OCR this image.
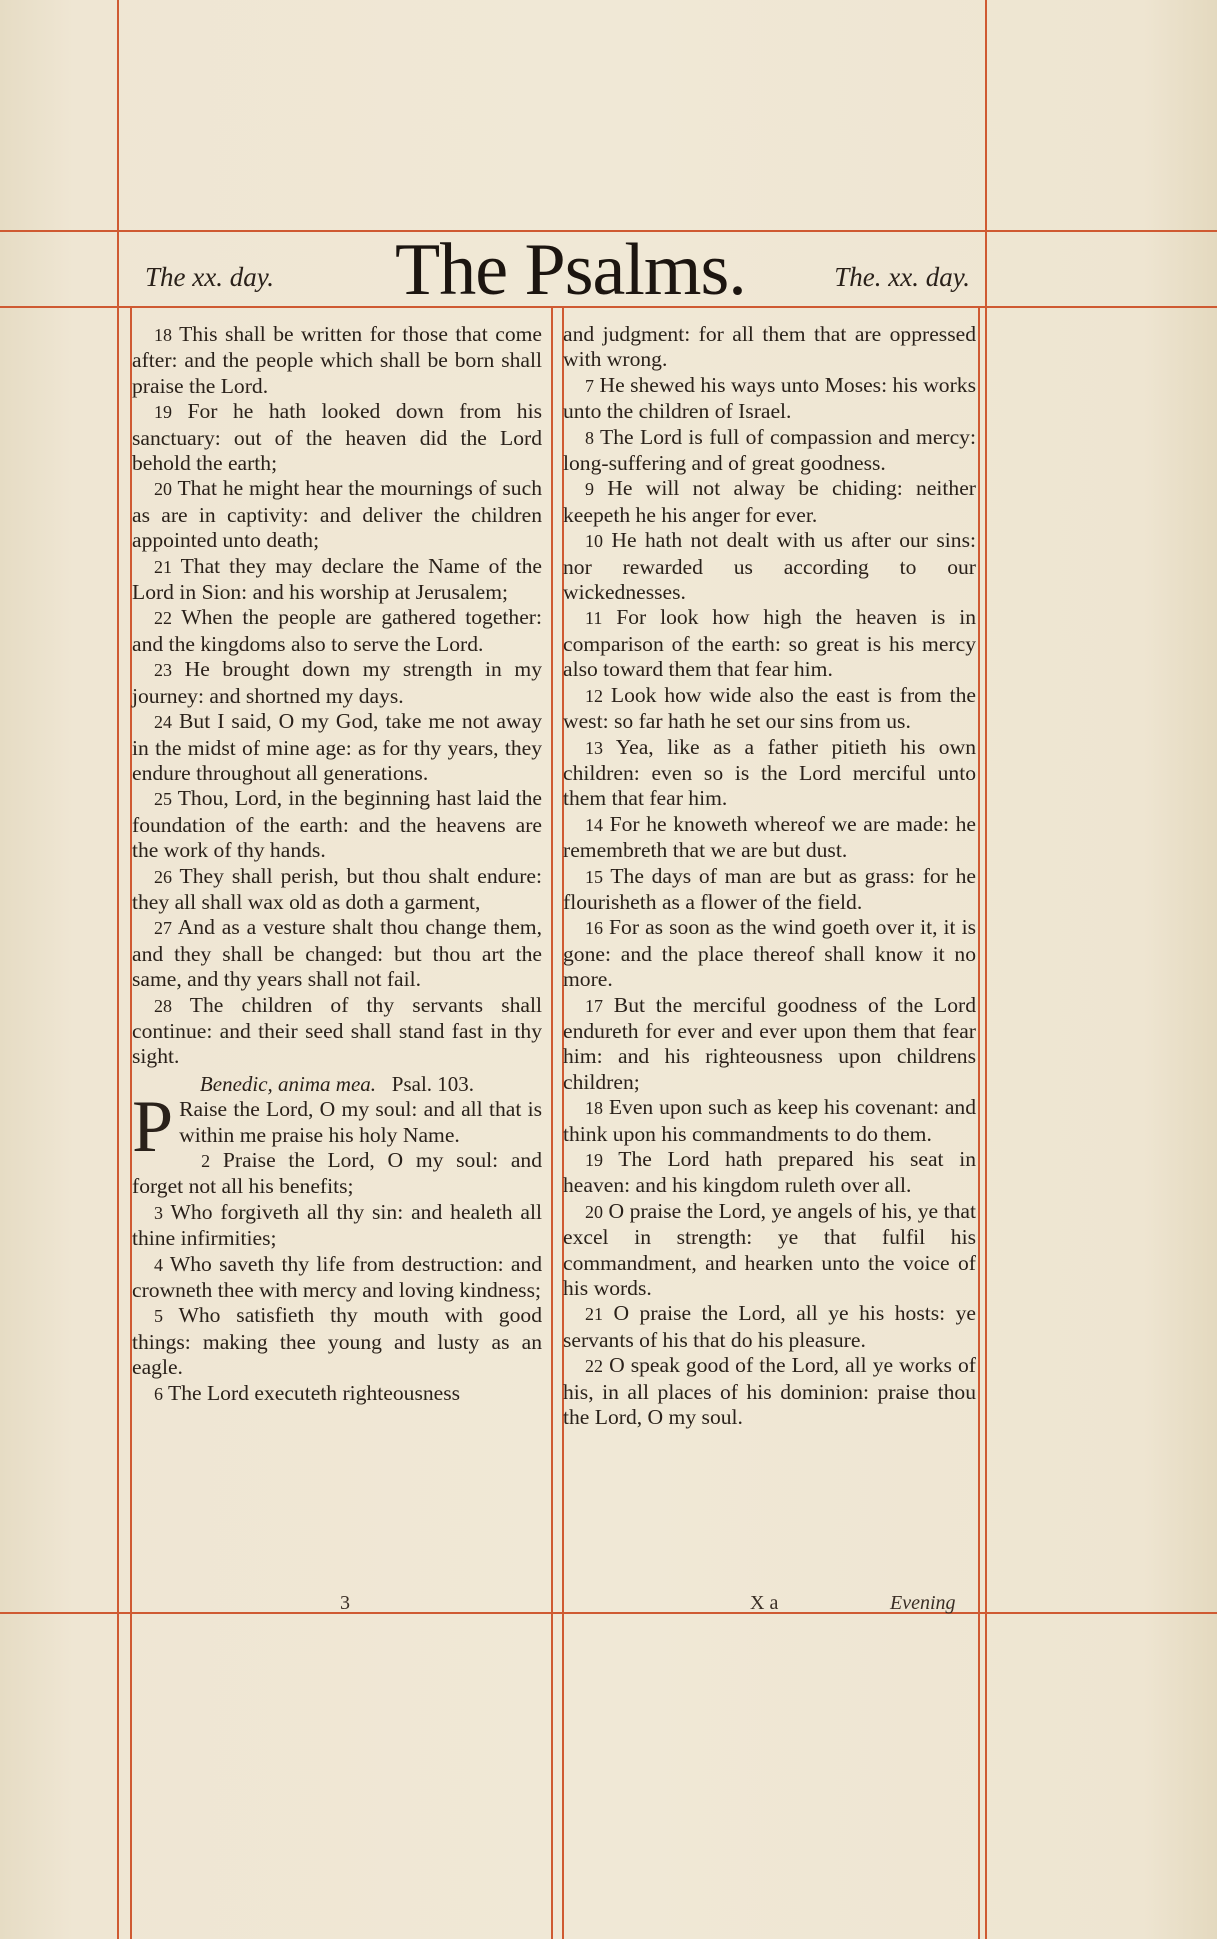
The xx. day. The Psalms.	The. xx. day.

18 This shall be written for those that come after: and the people which shall be born shall praise the Lord.

19 For he hath looked down from his sanctuary: out of the heaven did the Lord behold the earth;

20 That he might hear the mournings of such as are in captivity: and deliver the children appointed unto death;

21 That they may declare the Name of the Lord in Sion: and his worship at Jerusalem;

22 When the people are gathered together: and the kingdoms also to serve the Lord.

23 He brought down my strength in my journey: and shortned my days.

24 But I said, O my God, take me not away in the midst of mine age: as for thy years, they endure throughout all generations.

25 Thou, Lord, in the beginning hast laid the foundation of the earth: and the heavens are the work of thy hands.

26 They shall perish, but thou shalt endure: they all shall wax old as doth a garment,

27 And as a vesture shalt thou change them, and they shall be changed: but thou art the same, and thy years shall not fail.

28 The children of thy servants shall continue: and their seed shall stand fast in thy sight.

Benedic, anima mea. Psal. 103.

P Raise the Lord, O my soul: and all that is within me praise his holy Name.

2 Praise the Lord, O my soul: and forget not all his benefits;

3 Who forgiveth all thy sin: and healeth all thine infirmities;

4 Who saveth thy life from destruction: and crowneth thee with mercy and loving kindness;

5 Who satisfieth thy mouth with good things: making thee young and lusty as an eagle.

6 The Lord executeth righteousness

and judgment: for all them that are oppressed with wrong.

7 He shewed his ways unto Moses: his works unto the children of Israel.

8 The Lord is full of compassion and mercy: long-suffering and of great goodness.

9 He will not alway be chiding: neither keepeth he his anger for ever.

10 He hath not dealt with us after our sins: nor rewarded us according to our wickednesses.

11 For look how high the heaven is in comparison of the earth: so great is his mercy also toward them that fear him.

12 Look how wide also the east is from the west: so far hath he set our sins from us.

13 Yea, like as a father pitieth his own children: even so is the Lord merciful unto them that fear him.

14 For he knoweth whereof we are made: he remembreth that we are but dust.

15 The days of man are but as grass: for he flourisheth as a flower of the field.

16 For as soon as the wind goeth over it, it is gone: and the place thereof shall know it no more.

17 But the merciful goodness of the Lord endureth for ever and ever upon them that fear him: and his righteousness upon childrens children;

18 Even upon such as keep his covenant: and think upon his commandments to do them.

19 The Lord hath prepared his seat in heaven: and his kingdom ruleth over all.

20 O praise the Lord, ye angels of his, ye that excel in strength: ye that fulfil his commandment, and hearken unto the voice of his words.

21 O praise the Lord, all ye his hosts: ye servants of his that do his pleasure.

22 O speak good of the Lord, all ye works of his, in all places of his dominion: praise thou the Lord, O my soul.

3	X a	Evening
